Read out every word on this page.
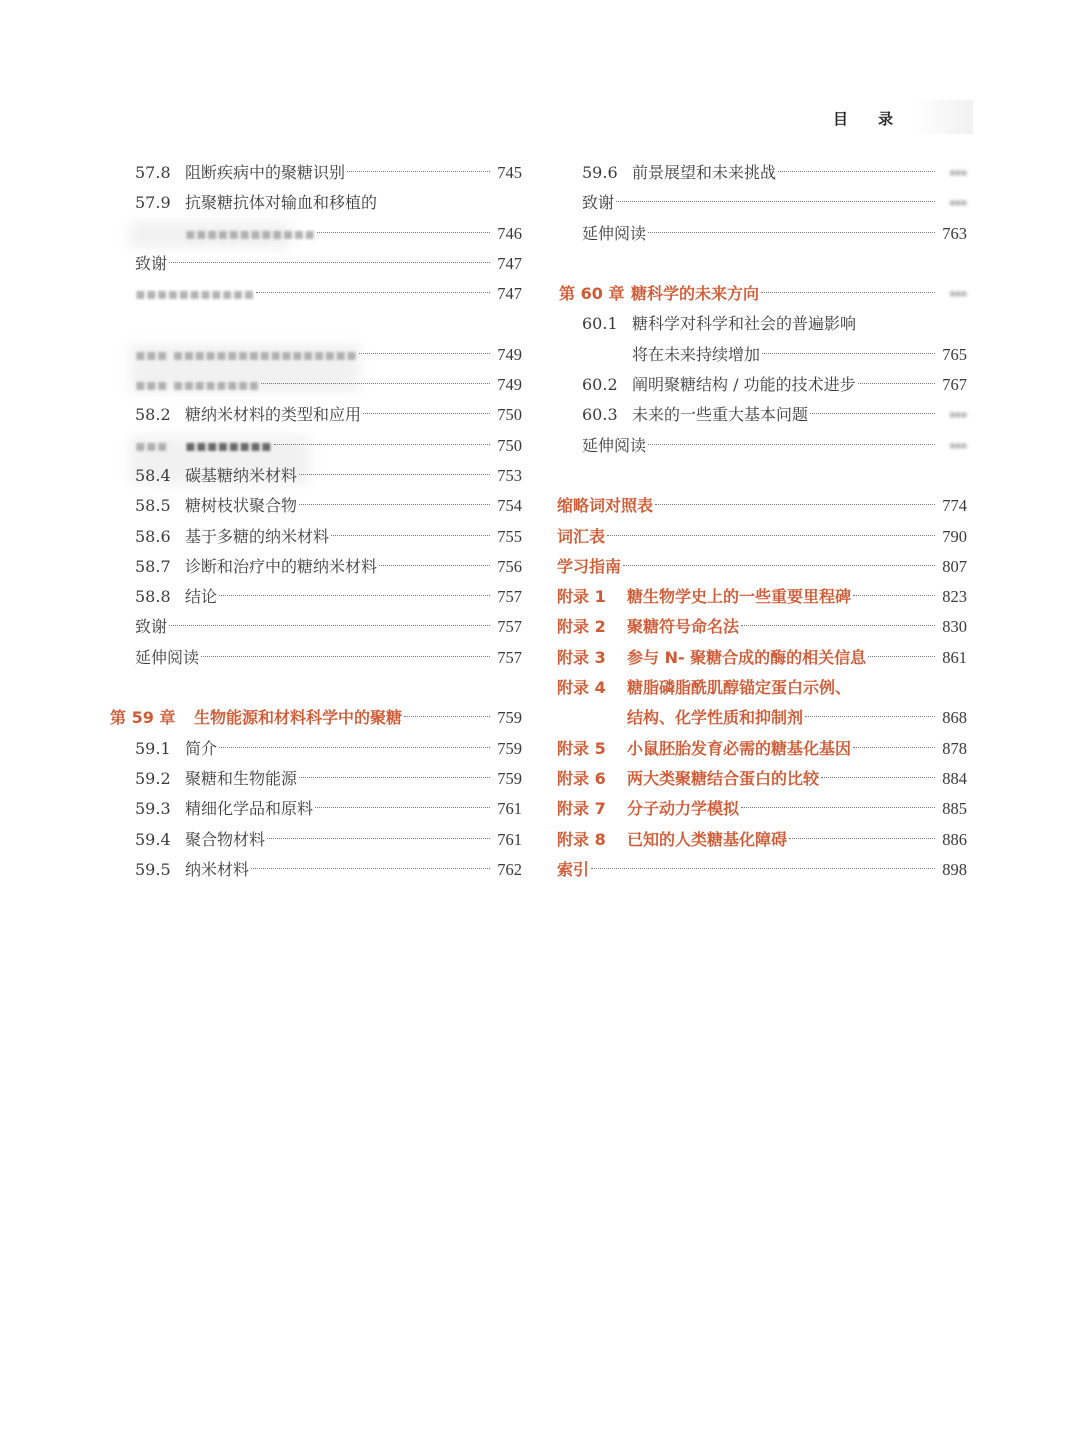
目 录
57.8 阻断疾病中的聚糖识别	745
57.9 抗聚糖抗体对输血和移植的
▪▪▪▪▪▪▪▪▪▪▪▪	746
致谢	747
▪▪▪▪▪▪▪▪▪▪▪	747
▪▪▪ ▪▪▪▪▪▪▪▪▪▪▪▪▪▪▪▪▪	749
▪▪▪ ▪▪▪▪▪▪▪▪	749
58.2 糖纳米材料的类型和应用	750
▪▪▪	▪▪▪▪▪▪▪▪	750
58.4 碳基糖纳米材料	753
58.5 糖树枝状聚合物	754
58.6 基于多糖的纳米材料	755
58.7 诊断和治疗中的糖纳米材料	756
58.8 结论	757
致谢	757
延伸阅读	757
第 59 章	生物能源和材料科学中的聚糖	759
59.1 简介	759
59.2 聚糖和生物能源	759
59.3 精细化学品和原料	761
59.4 聚合物材料	761
59.5 纳米材料	762
59.6 前景展望和未来挑战	▪▪▪
致谢	▪▪▪
延伸阅读	763
第 60 章 糖科学的未来方向	▪▪▪
60.1 糖科学对科学和社会的普遍影响
将在未来持续增加	765
60.2 阐明聚糖结构 / 功能的技术进步	767
60.3 未来的一些重大基本问题	▪▪▪
延伸阅读	▪▪▪
缩略词对照表	774
词汇表	790
学习指南	807
附录 1	糖生物学史上的一些重要里程碑	823
附录 2	聚糖符号命名法	830
附录 3	参与 N- 聚糖合成的酶的相关信息	861
附录 4	糖脂磷脂酰肌醇锚定蛋白示例、
结构、化学性质和抑制剂	868
附录 5	小鼠胚胎发育必需的糖基化基因	878
附录 6	两大类聚糖结合蛋白的比较	884
附录 7	分子动力学模拟	885
附录 8	已知的人类糖基化障碍	886
索引	898
